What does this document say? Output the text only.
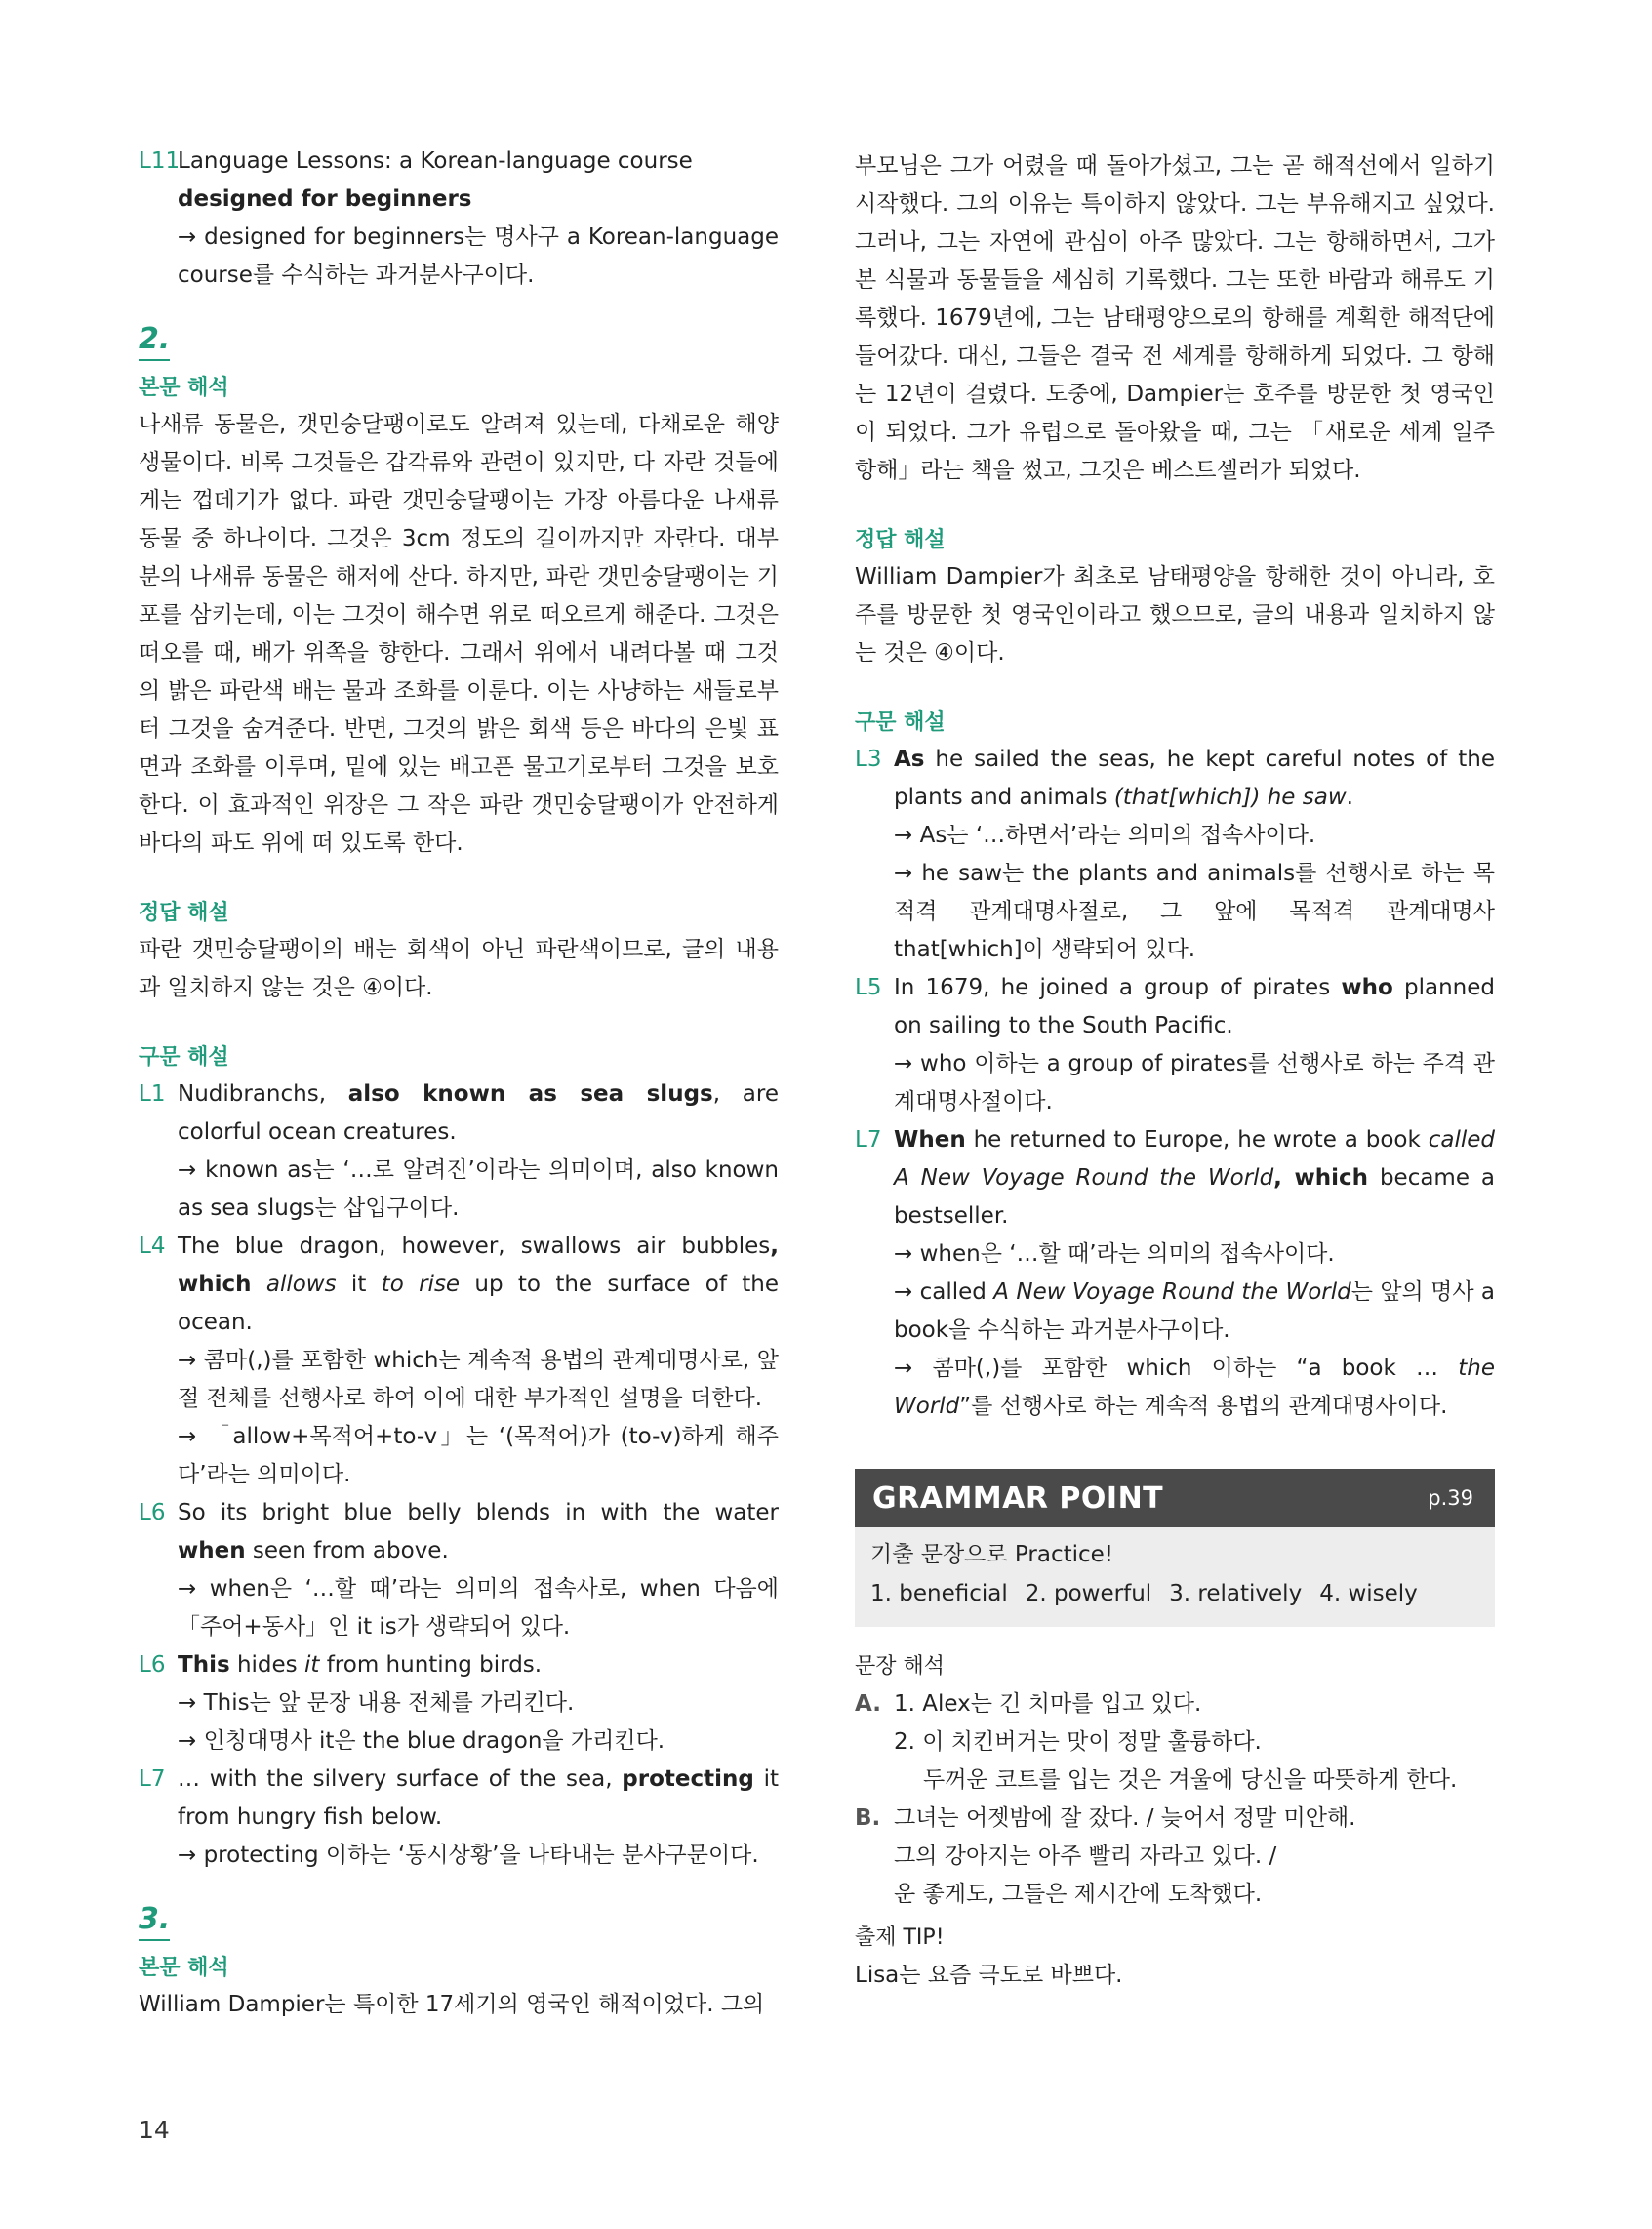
L11
Language Lessons: a Korean-language course
designed for beginners
→ designed for beginners는 명사구 a Korean-language course를 수식하는 과거분사구이다.
2.
본문 해석
나새류 동물은, 갯민숭달팽이로도 알려져 있는데, 다채로운 해양 생물이다. 비록 그것들은 갑각류와 관련이 있지만, 다 자란 것들에게는 껍데기가 없다. 파란 갯민숭달팽이는 가장 아름다운 나새류 동물 중 하나이다. 그것은 3cm 정도의 길이까지만 자란다. 대부분의 나새류 동물은 해저에 산다. 하지만, 파란 갯민숭달팽이는 기포를 삼키는데, 이는 그것이 해수면 위로 떠오르게 해준다. 그것은 떠오를 때, 배가 위쪽을 향한다. 그래서 위에서 내려다볼 때 그것의 밝은 파란색 배는 물과 조화를 이룬다. 이는 사냥하는 새들로부터 그것을 숨겨준다. 반면, 그것의 밝은 회색 등은 바다의 은빛 표면과 조화를 이루며, 밑에 있는 배고픈 물고기로부터 그것을 보호한다. 이 효과적인 위장은 그 작은 파란 갯민숭달팽이가 안전하게 바다의 파도 위에 떠 있도록 한다.
정답 해설
파란 갯민숭달팽이의 배는 회색이 아닌 파란색이므로, 글의 내용과 일치하지 않는 것은 ④이다.
구문 해설
L1 Nudibranchs, also known as sea slugs, are colorful ocean creatures.
→ known as는 ‘…로 알려진’이라는 의미이며, also known as sea slugs는 삽입구이다.
L4 The blue dragon, however, swallows air bubbles, which allows it to rise up to the surface of the ocean.
→ 콤마(,)를 포함한 which는 계속적 용법의 관계대명사로, 앞 절 전체를 선행사로 하여 이에 대한 부가적인 설명을 더한다.
→ 「allow+목적어+to-v」는 ‘(목적어)가 (to-v)하게 해주다’라는 의미이다.
L6 So its bright blue belly blends in with the water when seen from above.
→ when은 ‘…할 때’라는 의미의 접속사로, when 다음에 「주어+동사」인 it is가 생략되어 있다.
L6 This hides it from hunting birds.
→ This는 앞 문장 내용 전체를 가리킨다.
→ 인칭대명사 it은 the blue dragon을 가리킨다.
L7 … with the silvery surface of the sea, protecting it from hungry fish below.
→ protecting 이하는 ‘동시상황’을 나타내는 분사구문이다.
3.
본문 해석
William Dampier는 특이한 17세기의 영국인 해적이었다. 그의
부모님은 그가 어렸을 때 돌아가셨고, 그는 곧 해적선에서 일하기 시작했다. 그의 이유는 특이하지 않았다. 그는 부유해지고 싶었다. 그러나, 그는 자연에 관심이 아주 많았다. 그는 항해하면서, 그가 본 식물과 동물들을 세심히 기록했다. 그는 또한 바람과 해류도 기록했다. 1679년에, 그는 남태평양으로의 항해를 계획한 해적단에 들어갔다. 대신, 그들은 결국 전 세계를 항해하게 되었다. 그 항해는 12년이 걸렸다. 도중에, Dampier는 호주를 방문한 첫 영국인이 되었다. 그가 유럽으로 돌아왔을 때, 그는 「새로운 세계 일주 항해」라는 책을 썼고, 그것은 베스트셀러가 되었다.
정답 해설
William Dampier가 최초로 남태평양을 항해한 것이 아니라, 호주를 방문한 첫 영국인이라고 했으므로, 글의 내용과 일치하지 않는 것은 ④이다.
구문 해설
L3 As he sailed the seas, he kept careful notes of the plants and animals (that[which]) he saw.
→ As는 ‘…하면서’라는 의미의 접속사이다.
→ he saw는 the plants and animals를 선행사로 하는 목적격 관계대명사절로, 그 앞에 목적격 관계대명사 that[which]이 생략되어 있다.
L5 In 1679, he joined a group of pirates who planned on sailing to the South Pacific.
→ who 이하는 a group of pirates를 선행사로 하는 주격 관계대명사절이다.
L7 When he returned to Europe, he wrote a book called A New Voyage Round the World, which became a bestseller.
→ when은 ‘…할 때’라는 의미의 접속사이다.
→ called A New Voyage Round the World는 앞의 명사 a book을 수식하는 과거분사구이다.
→ 콤마(,)를 포함한 which 이하는 “a book … the World”를 선행사로 하는 계속적 용법의 관계대명사이다.
GRAMMAR POINT	p.39
기출 문장으로 Practice!
1. beneficial 2. powerful 3. relatively 4. wisely
문장 해석
A. 1. Alex는 긴 치마를 입고 있다.
2. 이 치킨버거는 맛이 정말 훌륭하다.
두꺼운 코트를 입는 것은 겨울에 당신을 따뜻하게 한다.
B. 그녀는 어젯밤에 잘 잤다. / 늦어서 정말 미안해.
그의 강아지는 아주 빨리 자라고 있다. /
운 좋게도, 그들은 제시간에 도착했다.
출제 TIP!
Lisa는 요즘 극도로 바쁘다.
14
